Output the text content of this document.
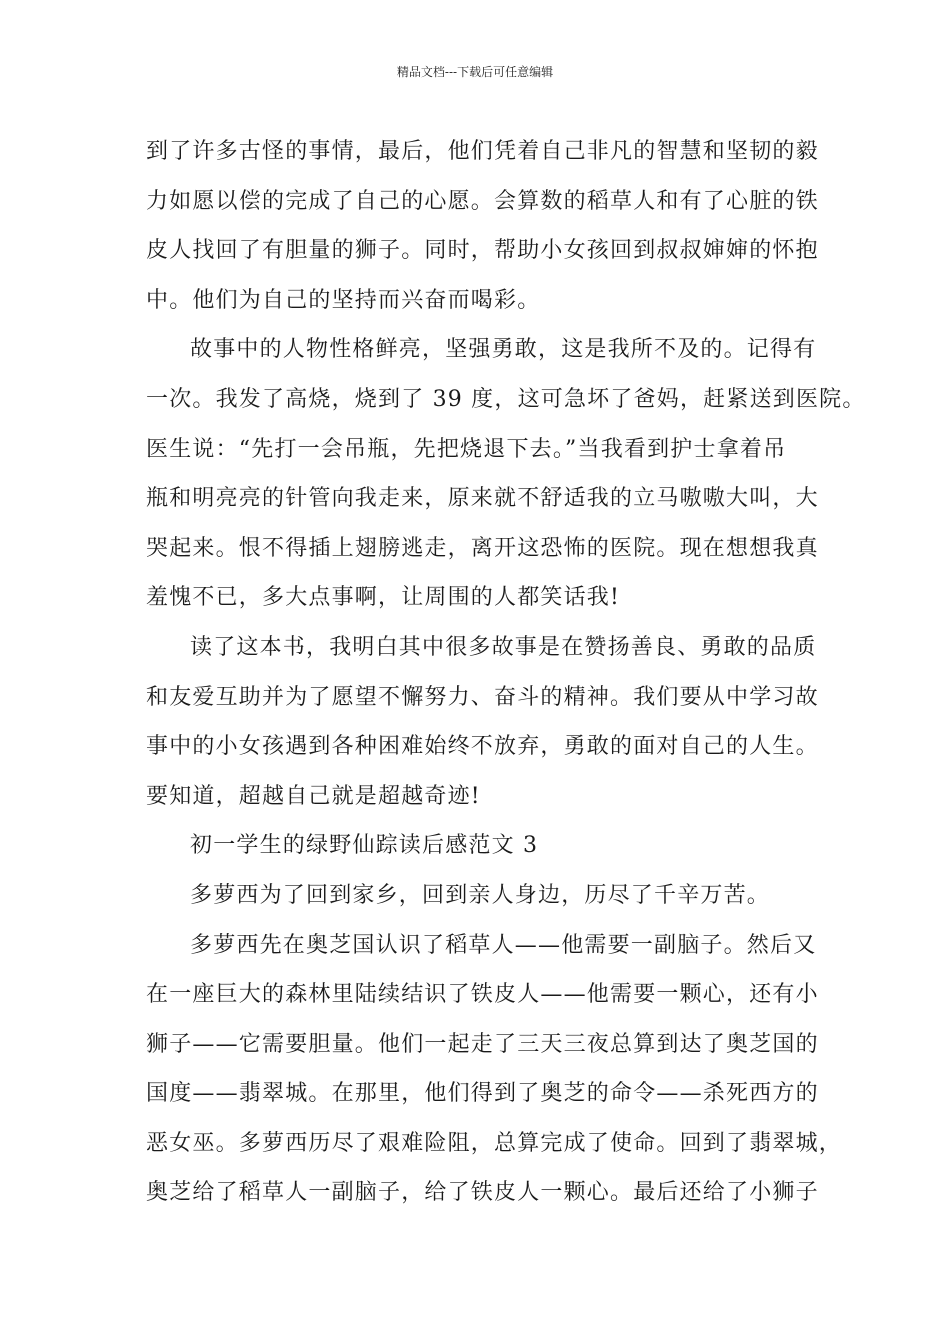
精品文档---下载后可任意编辑
到了许多古怪的事情，最后，他们凭着自己非凡的智慧和坚韧的毅
力如愿以偿的完成了自己的心愿。会算数的稻草人和有了心脏的铁
皮人找回了有胆量的狮子。同时，帮助小女孩回到叔叔婶婶的怀抱
中。他们为自己的坚持而兴奋而喝彩。
故事中的人物性格鲜亮，坚强勇敢，这是我所不及的。记得有
一次。我发了高烧，烧到了 39 度，这可急坏了爸妈，赶紧送到医院。
医生说：“先打一会吊瓶，先把烧退下去。”当我看到护士拿着吊
瓶和明亮亮的针管向我走来，原来就不舒适我的立马嗷嗷大叫，大
哭起来。恨不得插上翅膀逃走，离开这恐怖的医院。现在想想我真
羞愧不已，多大点事啊，让周围的人都笑话我!
读了这本书，我明白其中很多故事是在赞扬善良、勇敢的品质
和友爱互助并为了愿望不懈努力、奋斗的精神。我们要从中学习故
事中的小女孩遇到各种困难始终不放弃，勇敢的面对自己的人生。
要知道，超越自己就是超越奇迹!
初一学生的绿野仙踪读后感范文 3
多萝西为了回到家乡，回到亲人身边，历尽了千辛万苦。
多萝西先在奥芝国认识了稻草人——他需要一副脑子。然后又
在一座巨大的森林里陆续结识了铁皮人——他需要一颗心，还有小
狮子——它需要胆量。他们一起走了三天三夜总算到达了奥芝国的
国度——翡翠城。在那里，他们得到了奥芝的命令——杀死西方的
恶女巫。多萝西历尽了艰难险阻，总算完成了使命。回到了翡翠城，
奥芝给了稻草人一副脑子，给了铁皮人一颗心。最后还给了小狮子
